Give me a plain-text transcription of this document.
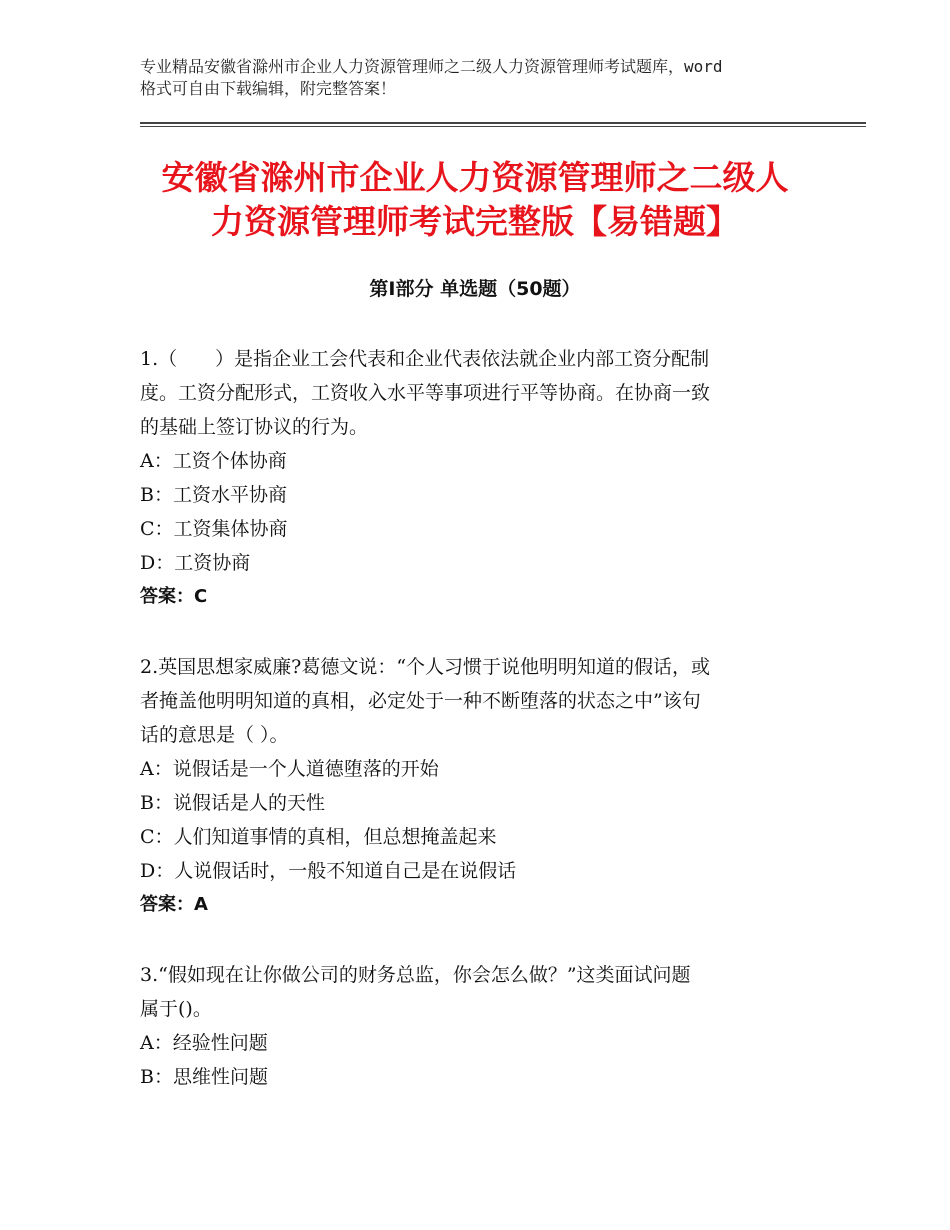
专业精品安徽省滁州市企业人力资源管理师之二级人力资源管理师考试题库，word
格式可自由下载编辑，附完整答案！
安徽省滁州市企业人力资源管理师之二级人
力资源管理师考试完整版【易错题】
第Ⅰ部分 单选题（50题）
1.（　　）是指企业工会代表和企业代表依法就企业内部工资分配制
度。工资分配形式，工资收入水平等事项进行平等协商。在协商一致
的基础上签订协议的行为。
A：工资个体协商
B：工资水平协商
C：工资集体协商
D：工资协商
答案：C
2.英国思想家威廉?葛德文说：“个人习惯于说他明明知道的假话，或
者掩盖他明明知道的真相，必定处于一种不断堕落的状态之中”该句
话的意思是（ ）。
A：说假话是一个人道德堕落的开始
B：说假话是人的天性
C：人们知道事情的真相，但总想掩盖起来
D：人说假话时，一般不知道自己是在说假话
答案：A
3.“假如现在让你做公司的财务总监，你会怎么做？”这类面试问题
属于()。
A：经验性问题
B：思维性问题
